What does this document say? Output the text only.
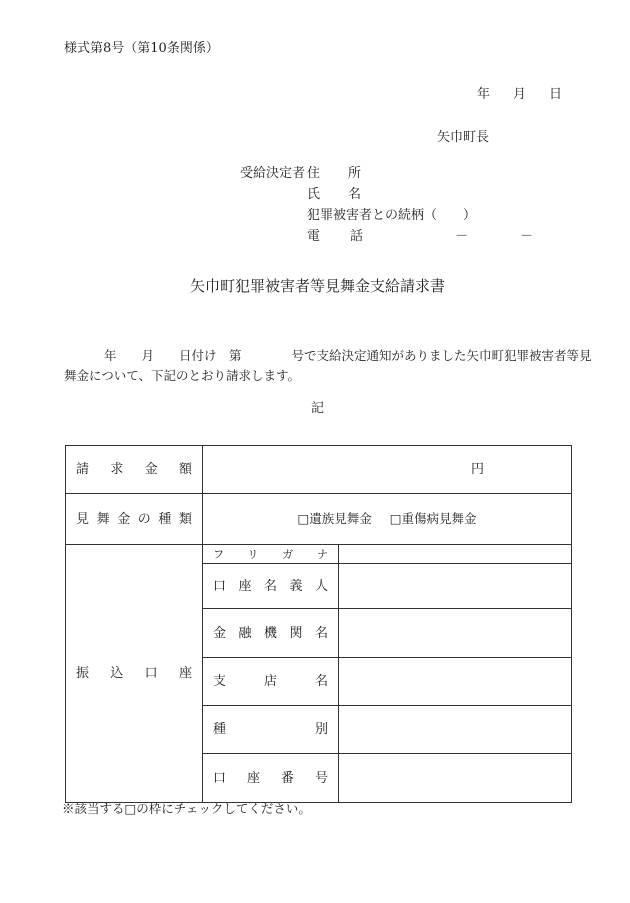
様式第8号（第10条関係）
年 月 日
矢巾町長
受給決定者 住所
氏名
犯罪被害者との続柄（　　）
電話	－　　　　－
矢巾町犯罪被害者等見舞金支給請求書
年　　月　　日付け　第　　　　号で支給決定通知がありました矢巾町犯罪被害者等見
舞金について、下記のとおり請求します。
記
請求金額	円	
見舞金の種類	□遺族見舞金 □重傷病見舞金	

振込口座	フリガナ	
	口座名義人	
	金融機関名	
	支店名	
	種別	
	口座番号	
※該当する□の枠にチェックしてください。
